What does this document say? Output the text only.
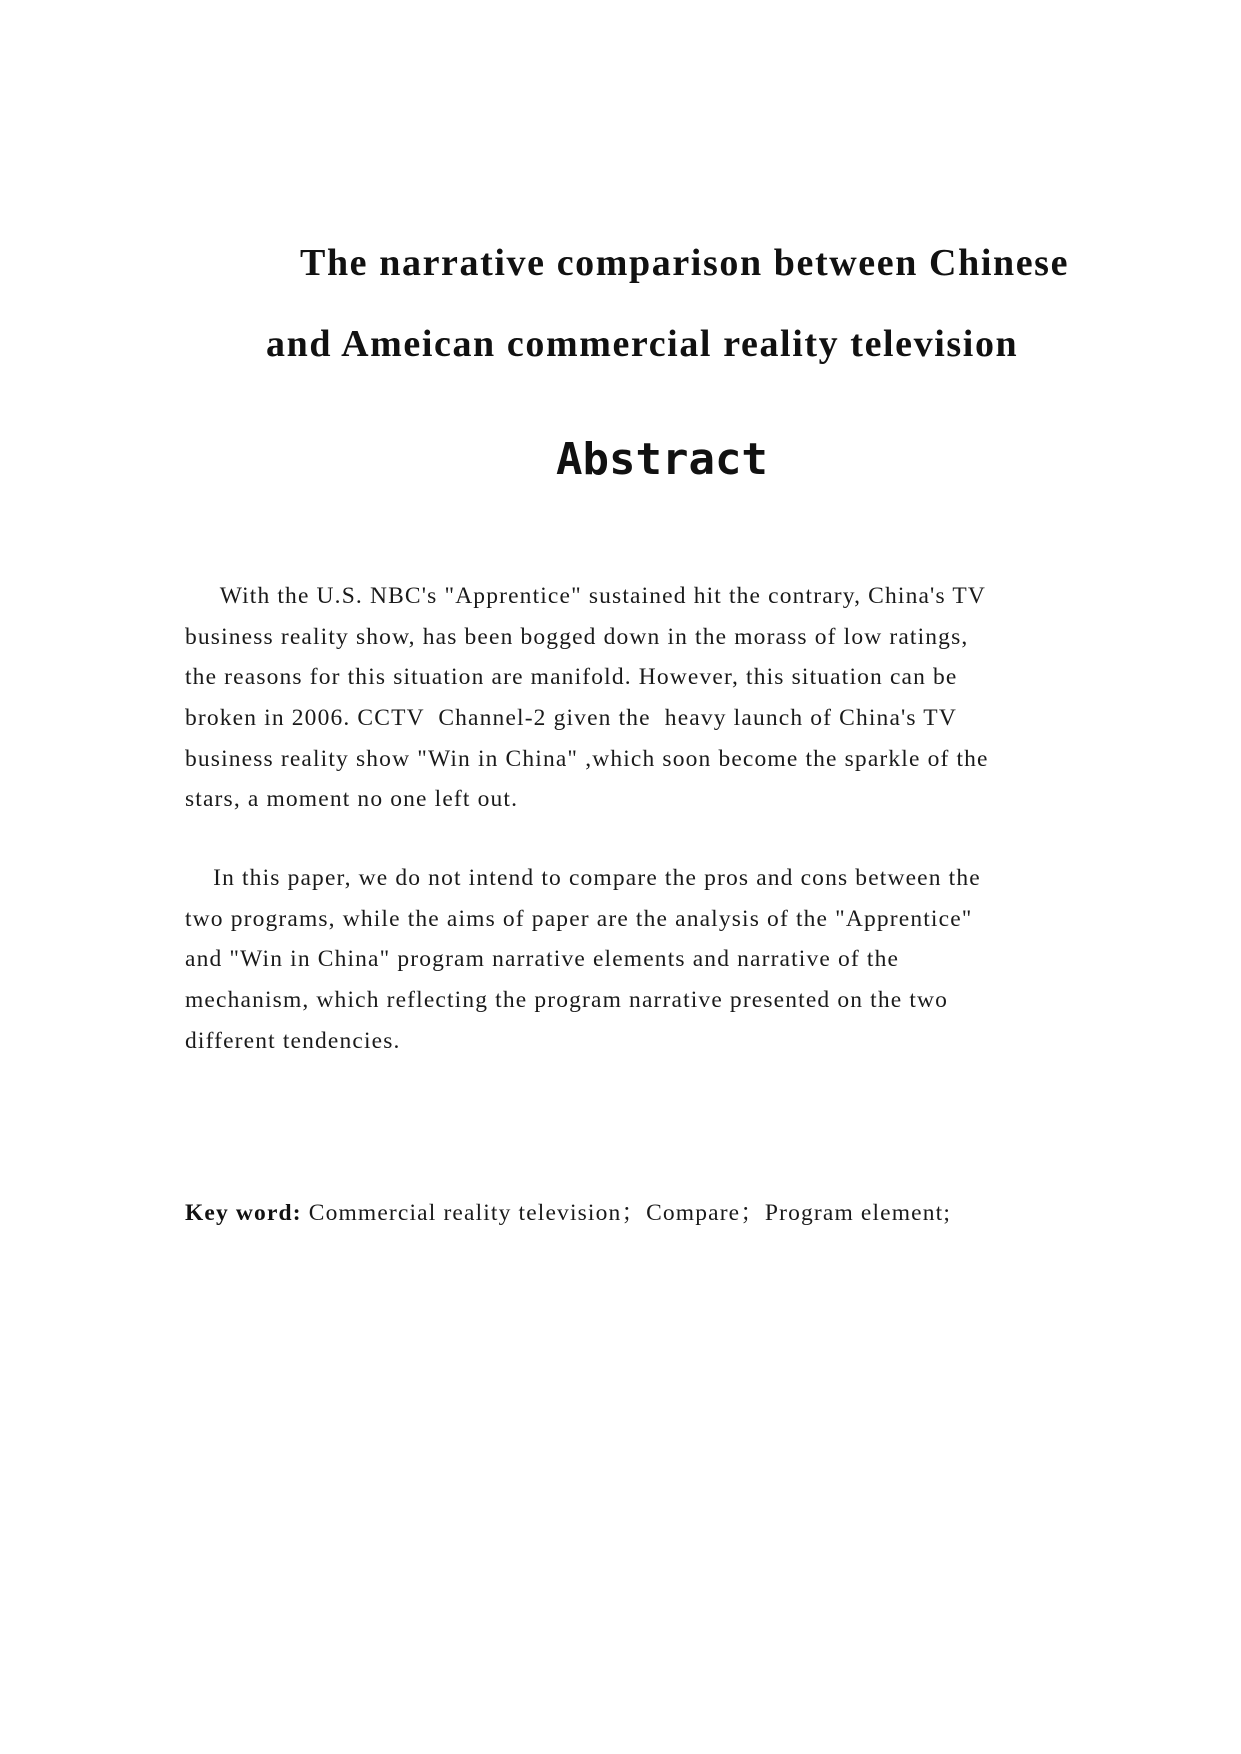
The narrative comparison between Chinese
and Ameican commercial reality television
Abstract
With the U.S. NBC's "Apprentice" sustained hit the contrary, China's TV
business reality show, has been bogged down in the morass of low ratings,
the reasons for this situation are manifold. However, this situation can be
broken in 2006. CCTV  Channel-2 given the  heavy launch of China's TV
business reality show "Win in China" ,which soon become the sparkle of the
stars, a moment no one left out.
In this paper, we do not intend to compare the pros and cons between the
two programs, while the aims of paper are the analysis of the "Apprentice"
and "Win in China" program narrative elements and narrative of the
mechanism, which reflecting the program narrative presented on the two
different tendencies.

Key word: Commercial reality television；Compare；Program element;
